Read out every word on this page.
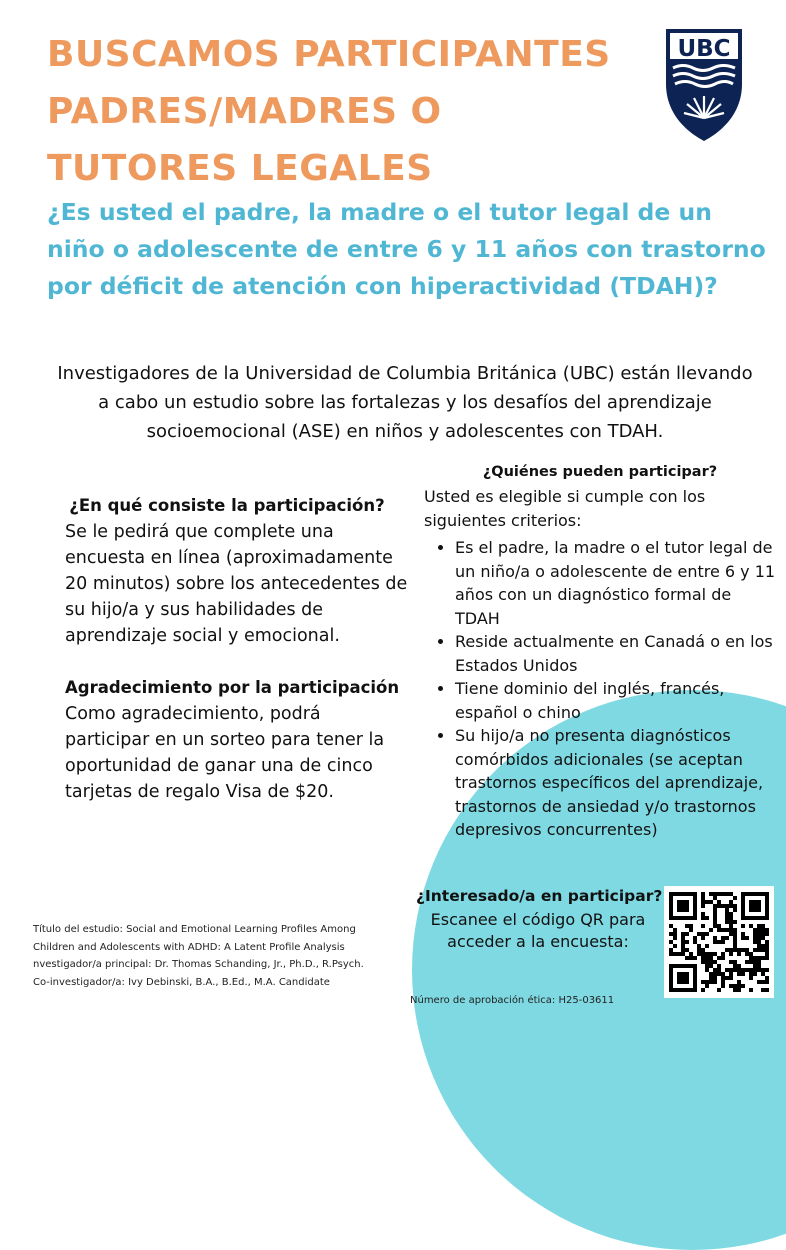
BUSCAMOS PARTICIPANTES
PADRES/MADRES O
TUTORES LEGALES
UBC

¿Es usted el padre, la madre o el tutor legal de un niño o adolescente de entre 6 y 11 años con trastorno por déficit de atención con hiperactividad (TDAH)?

Investigadores de la Universidad de Columbia Británica (UBC) están llevando a cabo un estudio sobre las fortalezas y los desafíos del aprendizaje socioemocional (ASE) en niños y adolescentes con TDAH.

¿En qué consiste la participación?

Se le pedirá que complete una encuesta en línea (aproximadamente 20 minutos) sobre los antecedentes de su hijo/a y sus habilidades de aprendizaje social y emocional.

Agradecimiento por la participación

Como agradecimiento, podrá participar en un sorteo para tener la oportunidad de ganar una de cinco tarjetas de regalo Visa de $20.

¿Quiénes pueden participar?

Usted es elegible si cumple con los siguientes criterios:

• Es el padre, la madre o el tutor legal de un niño/a o adolescente de entre 6 y 11 años con un diagnóstico formal de TDAH
• Reside actualmente en Canadá o en los Estados Unidos
• Tiene dominio del inglés, francés, español o chino
• Su hijo/a no presenta diagnósticos comórbidos adicionales (se aceptan trastornos específicos del aprendizaje, trastornos de ansiedad y/o trastornos depresivos concurrentes)
¿Interesado/a en participar?

Escanee el código QR para acceder a la encuesta:

Título del estudio: Social and Emotional Learning Profiles Among
Children and Adolescents with ADHD: A Latent Profile Analysis
nvestigador/a principal: Dr. Thomas Schanding, Jr., Ph.D., R.Psych.
Co-investigador/a: Ivy Debinski, B.A., B.Ed., M.A. Candidate
Número de aprobación ética: H25-03611
